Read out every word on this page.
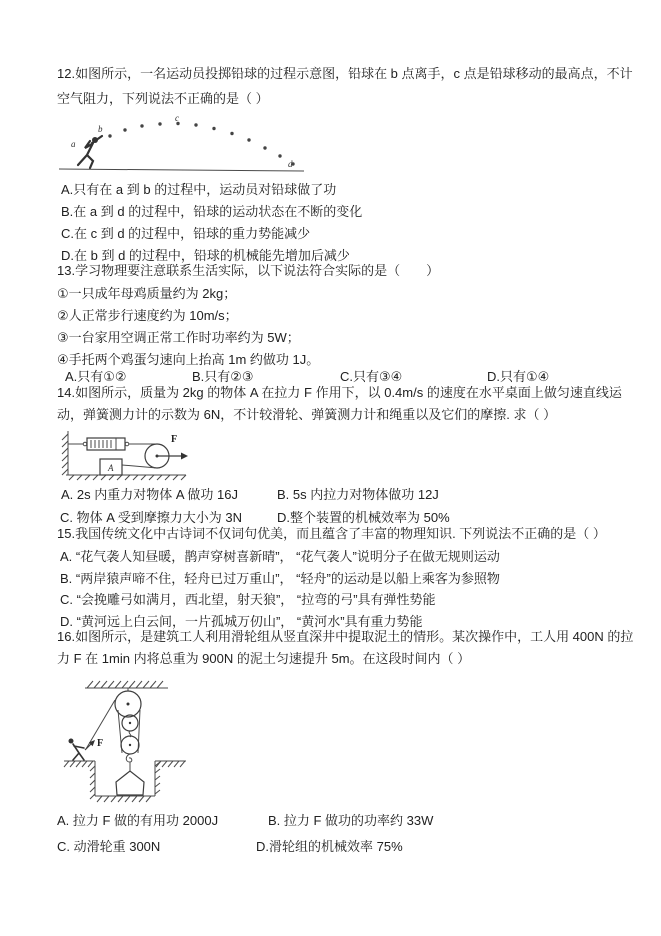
12.如图所示，一名运动员投掷铅球的过程示意图，铅球在 b 点离手，c 点是铅球移动的最高点，不计空气阻力，下列说法不正确的是（ ）
a
b
c
d
A.只有在 a 到 b 的过程中，运动员对铅球做了功
B.在 a 到 d 的过程中，铅球的运动状态在不断的变化
C.在 c 到 d 的过程中，铅球的重力势能减少
D.在 b 到 d 的过程中，铅球的机械能先增加后减少
13.学习物理要注意联系生活实际，以下说法符合实际的是（　　）
①一只成年母鸡质量约为 2kg；
②人正常步行速度约为 10m/s；
③一台家用空调正常工作时功率约为 5W；
④手托两个鸡蛋匀速向上抬高 1m 约做功 1J。
A.只有①②	B.只有②③	C.只有③④	D.只有①④
14.如图所示，质量为 2kg 的物体 A 在拉力 F 作用下，以 0.4m/s 的速度在水平桌面上做匀速直线运动，弹簧测力计的示数为 6N，不计较滑轮、弹簧测力计和绳重以及它们的摩擦. 求（ ）
F
A
A. 2s 内重力对物体 A 做功 16J	B. 5s 内拉力对物体做功 12J
C. 物体 A 受到摩擦力大小为 3N	D.整个装置的机械效率为 50%
15.我国传统文化中古诗词不仅词句优美，而且蕴含了丰富的物理知识. 下列说法不正确的是（ ）
A. “花气袭人知昼暖，鹊声穿树喜新晴”， “花气袭人”说明分子在做无规则运动
B. “两岸猿声啼不住，轻舟已过万重山”， “轻舟”的运动是以船上乘客为参照物
C. “会挽雕弓如满月，西北望，射天狼”， “拉弯的弓”具有弹性势能
D. “黄河远上白云间，一片孤城万仞山”， “黄河水”具有重力势能
16.如图所示，是建筑工人利用滑轮组从竖直深井中提取泥土的情形。某次操作中，工人用 400N 的拉力 F 在 1min 内将总重为 900N 的泥土匀速提升 5m。在这段时间内（ ）
F
A. 拉力 F 做的有用功 2000J	B. 拉力 F 做功的功率约 33W
C. 动滑轮重 300N	D.滑轮组的机械效率 75%
